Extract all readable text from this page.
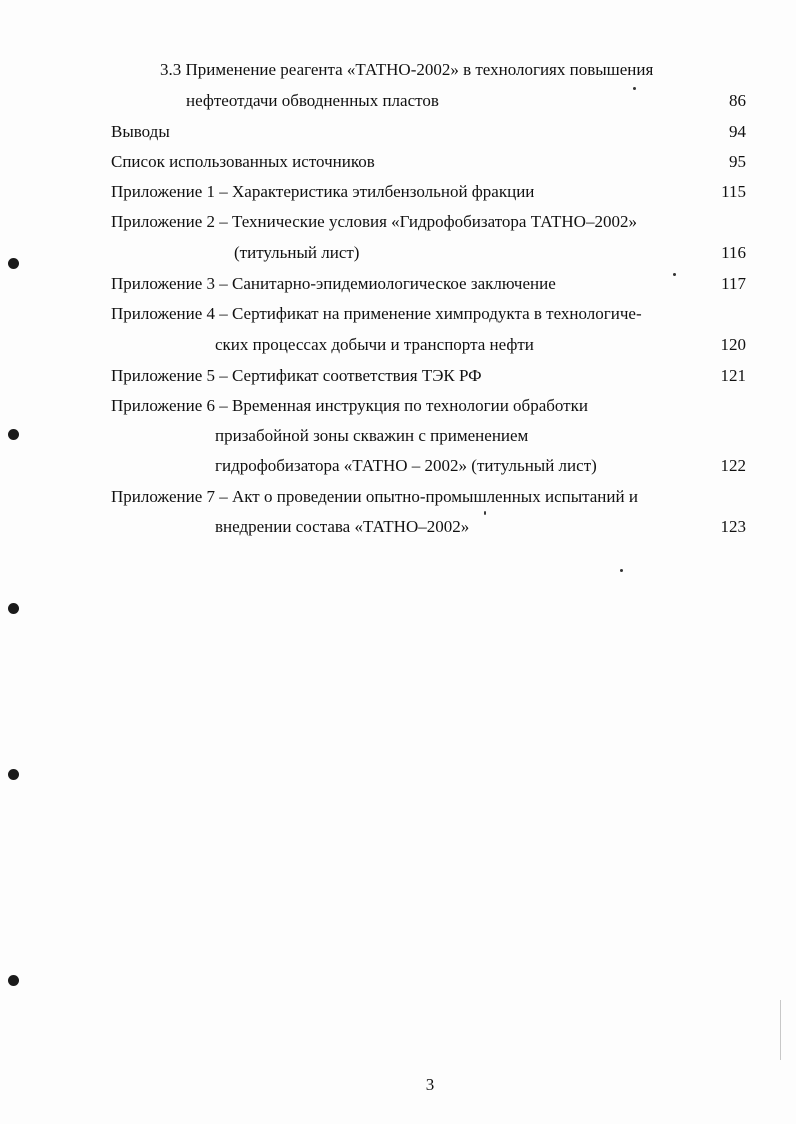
3.3 Применение реагента «ТАТНО-2002» в технологиях повышения
нефтеотдачи обводненных пластов	86
Выводы	94
Список использованных источников	95
Приложение 1 – Характеристика этилбензольной фракции	115
Приложение 2 – Технические условия «Гидрофобизатора ТАТНО–2002»
(титульный лист)	116
Приложение 3 – Санитарно-эпидемиологическое заключение	117
Приложение 4 – Сертификат на применение химпродукта в технологиче-
ских процессах добычи и транспорта нефти	120
Приложение 5 – Сертификат соответствия ТЭК РФ	121
Приложение 6 – Временная инструкция по технологии обработки
призабойной зоны скважин с применением
гидрофобизатора «ТАТНО – 2002» (титульный лист)	122
Приложение 7 – Акт о проведении опытно-промышленных испытаний и
внедрении состава «ТАТНО–2002»	123
3
